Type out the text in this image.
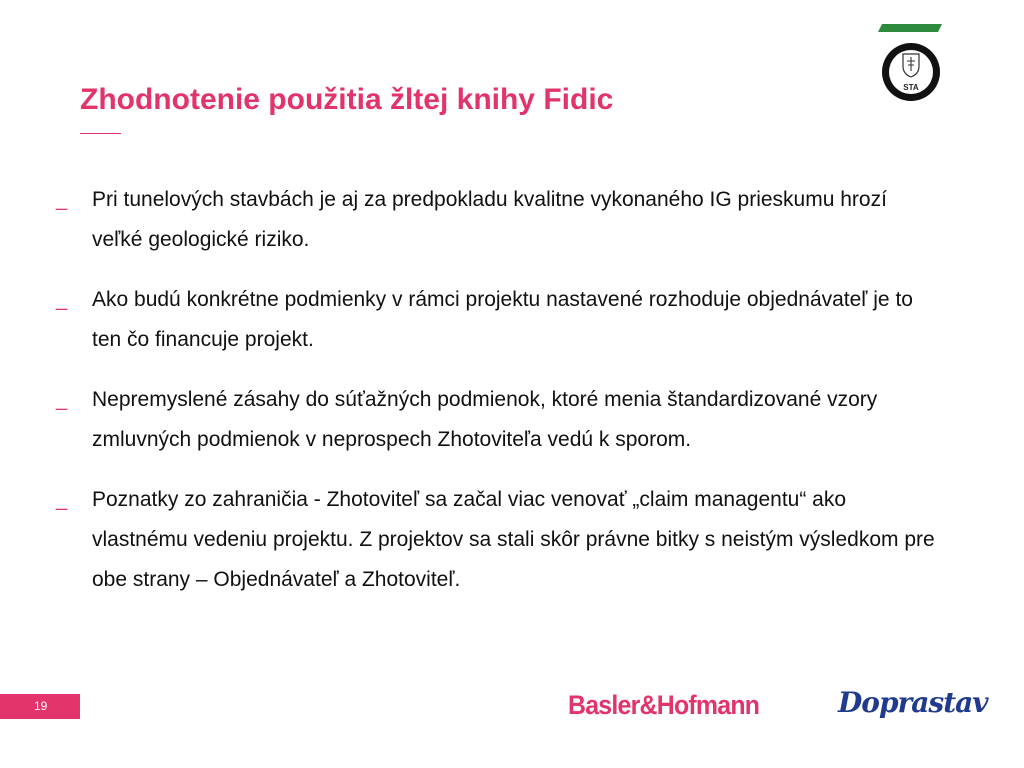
STA
Zhodnotenie použitia žltej knihy Fidic
_ Pri tunelových stavbách je aj za predpokladu kvalitne vykonaného IG prieskumu hrozí veľké geologické riziko.
_ Ako budú konkrétne podmienky v rámci projektu nastavené rozhoduje objednávateľ je to ten čo financuje projekt.
_ Nepremyslené zásahy do súťažných podmienok, ktoré menia štandardizované vzory zmluvných podmienok v neprospech Zhotoviteľa vedú k sporom.
_ Poznatky zo zahraničia - Zhotoviteľ sa začal viac venovať „claim managentu“ ako vlastnému vedeniu projektu. Z projektov sa stali skôr právne bitky s neistým výsledkom pre obe strany – Objednávateľ a Zhotoviteľ.
19	Basler&Hofmann	Doprastav
